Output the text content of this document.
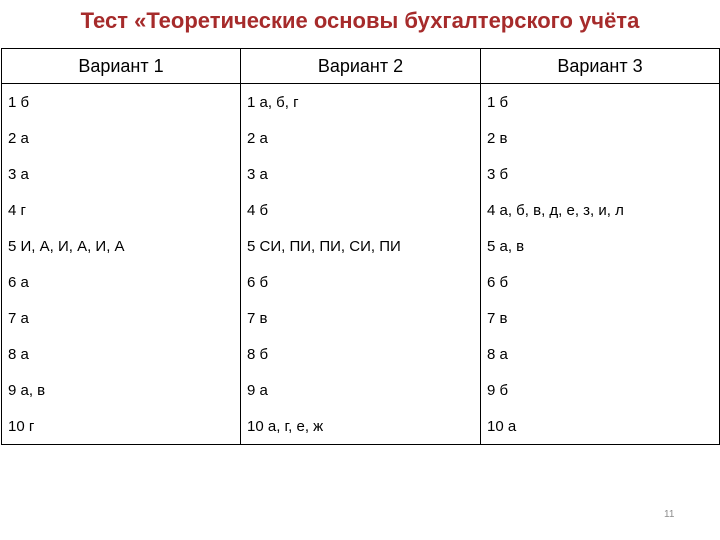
Тест «Теоретические основы бухгалтерского учёта
Вариант 1	Вариант 2	Вариант 3
1 б	1 а, б, г	1 б
2 а	2 а	2 в
3 а	3 а	3 б
4 г	4 б	4 а, б, в, д, е, з, и, л
5 И, А, И, А, И, А	5 СИ, ПИ, ПИ, СИ, ПИ	5 а, в
6 а	6 б	6 б
7 а	7 в	7 в
8 а	8 б	8 а
9 а, в	9 а	9 б
10 г	10 а, г, е, ж	10 а
11
